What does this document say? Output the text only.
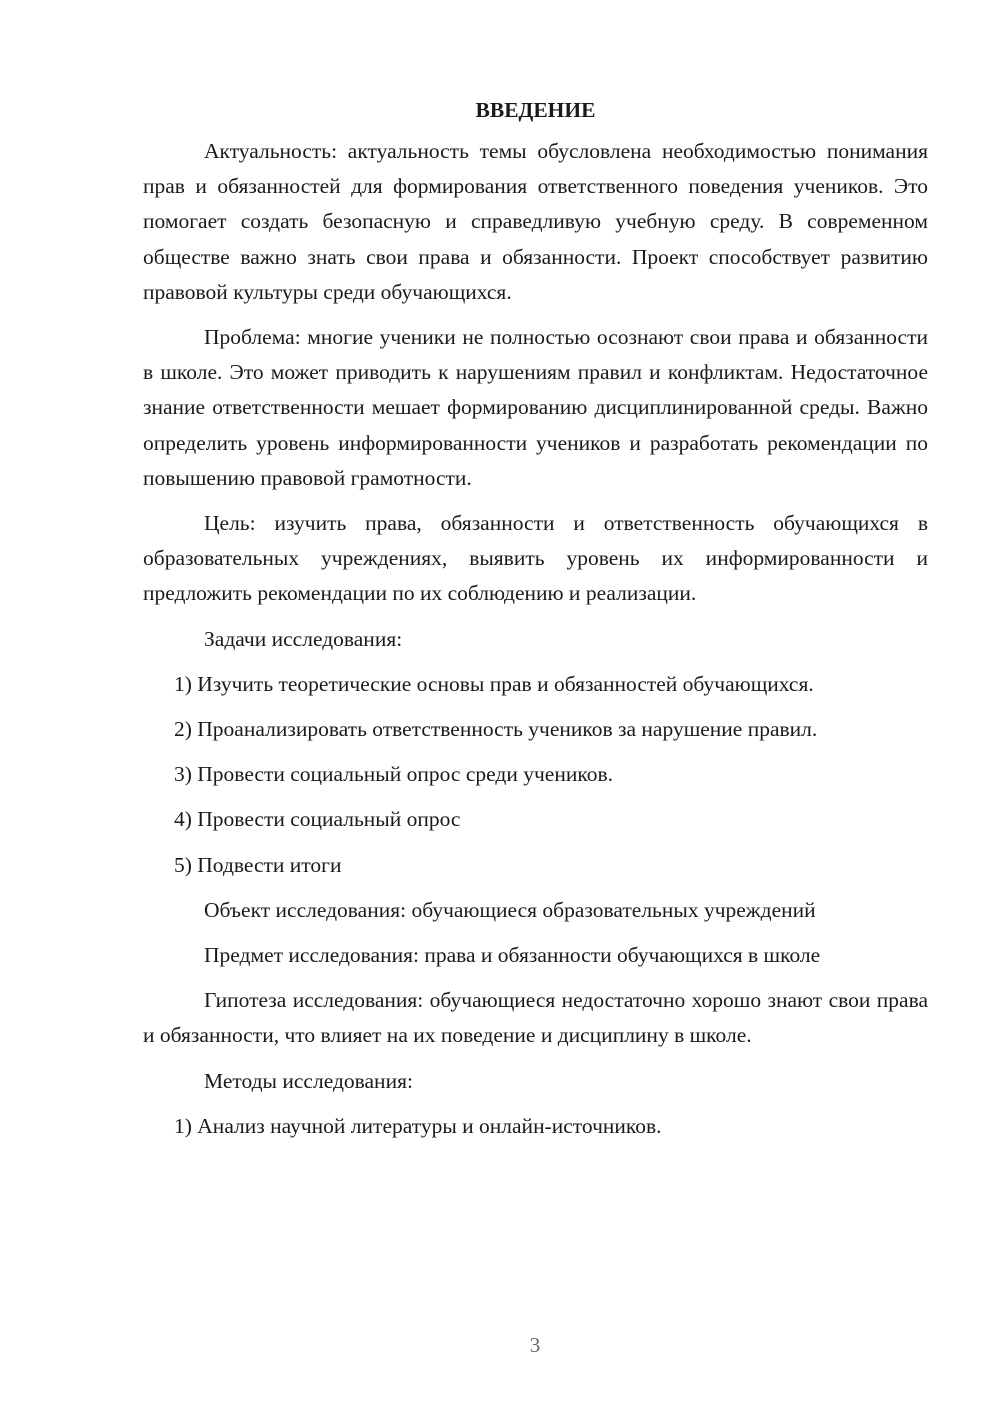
ВВЕДЕНИЕ

Актуальность: актуальность темы обусловлена необходимостью понимания прав и обязанностей для формирования ответственного поведения учеников. Это помогает создать безопасную и справедливую учебную среду. В современном обществе важно знать свои права и обязанности. Проект способствует развитию правовой культуры среди обучающихся.

Проблема: многие ученики не полностью осознают свои права и обязанности в школе. Это может приводить к нарушениям правил и конфликтам. Недостаточное знание ответственности мешает формированию дисциплинированной среды. Важно определить уровень информированности учеников и разработать рекомендации по повышению правовой грамотности.

Цель: изучить права, обязанности и ответственность обучающихся в образовательных учреждениях, выявить уровень их информированности и предложить рекомендации по их соблюдению и реализации.

Задачи исследования:

1) Изучить теоретические основы прав и обязанностей обучающихся.

2) Проанализировать ответственность учеников за нарушение правил.

3) Провести социальный опрос среди учеников.

4) Провести социальный опрос

5) Подвести итоги

Объект исследования: обучающиеся образовательных учреждений

Предмет исследования: права и обязанности обучающихся в школе

Гипотеза исследования: обучающиеся недостаточно хорошо знают свои права и обязанности, что влияет на их поведение и дисциплину в школе.

Методы исследования:

1) Анализ научной литературы и онлайн-источников.

3
